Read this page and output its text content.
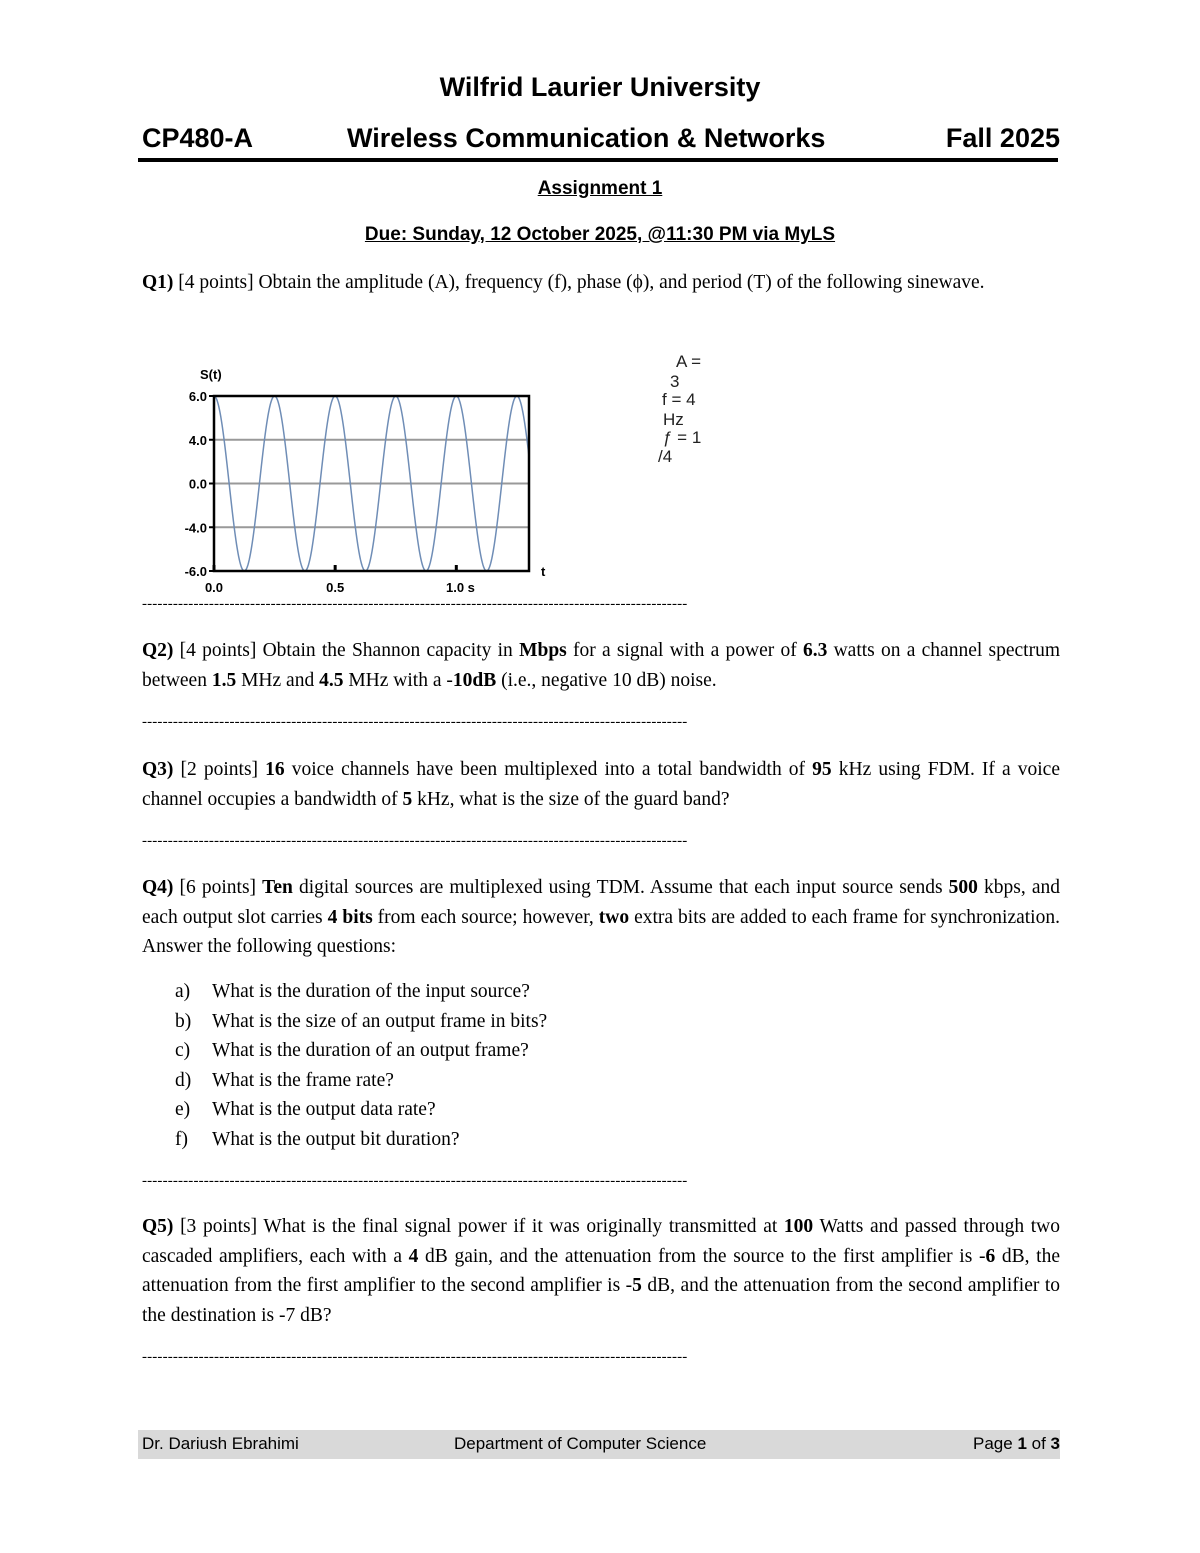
Wilfrid Laurier University
CP480-A	Wireless Communication & Networks	Fall 2025
Assignment 1
Due: Sunday, 12 October 2025, @11:30 PM via MyLS
Q1) [4 points] Obtain the amplitude (A), frequency (f), phase (ϕ), and period (T) of the following sinewave.
S(t)
6.0
4.0
0.0
-4.0
-6.0
0.0	0.5
t
1.0 s
A =
3
f = 4
Hz
ƒ = 1
/4
----------------------------------------------------------------------------------------------------------
Q2) [4 points] Obtain the Shannon capacity in Mbps for a signal with a power of 6.3 watts on a channel spectrum between 1.5 MHz and 4.5 MHz with a -10dB (i.e., negative 10 dB) noise.
----------------------------------------------------------------------------------------------------------
Q3) [2 points] 16 voice channels have been multiplexed into a total bandwidth of 95 kHz using FDM. If a voice channel occupies a bandwidth of 5 kHz, what is the size of the guard band?
----------------------------------------------------------------------------------------------------------
Q4) [6 points] Ten digital sources are multiplexed using TDM. Assume that each input source sends 500 kbps, and each output slot carries 4 bits from each source; however, two extra bits are added to each frame for synchronization. Answer the following questions:
a)	What is the duration of the input source?
b)	What is the size of an output frame in bits?
c)	What is the duration of an output frame?
d)	What is the frame rate?
e)	What is the output data rate?
f)	What is the output bit duration?
----------------------------------------------------------------------------------------------------------
Q5) [3 points] What is the final signal power if it was originally transmitted at 100 Watts and passed through two cascaded amplifiers, each with a 4 dB gain, and the attenuation from the source to the first amplifier is -6 dB, the attenuation from the first amplifier to the second amplifier is -5 dB, and the attenuation from the second amplifier to the destination is -7 dB?
----------------------------------------------------------------------------------------------------------
Dr. Dariush Ebrahimi	Department of Computer Science	Page 1 of 3
